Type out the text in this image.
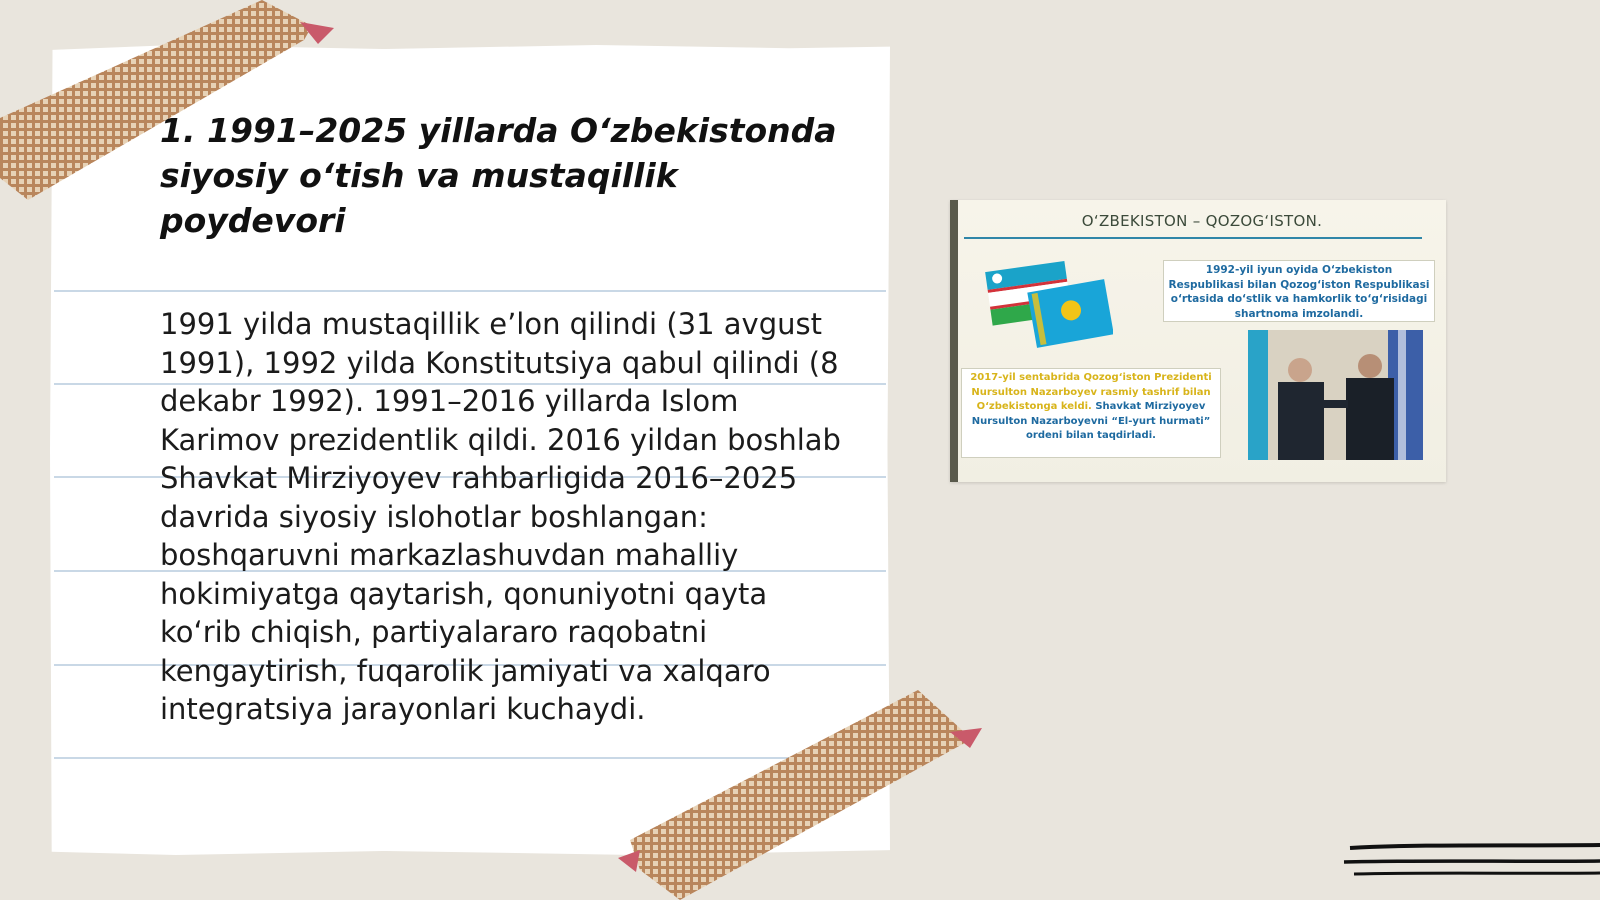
1. 1991–2025 yillarda O‘zbekistonda siyosiy o‘tish va mustaqillik poydevori

1991 yilda mustaqillik e’lon qilindi (31 avgust 1991), 1992 yilda Konstitutsiya qabul qilindi (8 dekabr 1992). 1991–2016 yillarda Islom Karimov prezidentlik qildi. 2016 yildan boshlab Shavkat Mirziyoyev rahbarligida 2016–2025 davrida siyosiy islohotlar boshlangan: boshqaruvni markazlashuvdan mahalliy hokimiyatga qaytarish, qonuniyotni qayta ko‘rib chiqish, partiyalararo raqobatni kengaytirish, fuqarolik jamiyati va xalqaro integratsiya jarayonlari kuchaydi.

O‘ZBEKISTON – QOZOG‘ISTON.
1992-yil iyun oyida O‘zbekiston Respublikasi bilan Qozog‘iston Respublikasi o‘rtasida do‘stlik va hamkorlik to‘g‘risidagi shartnoma imzolandi.
2017-yil sentabrida Qozog‘iston Prezidenti Nursulton Nazarboyev rasmiy tashrif bilan O‘zbekistonga keldi. Shavkat Mirziyoyev Nursulton Nazarboyevni “El-yurt hurmati” ordeni bilan taqdirladi.
